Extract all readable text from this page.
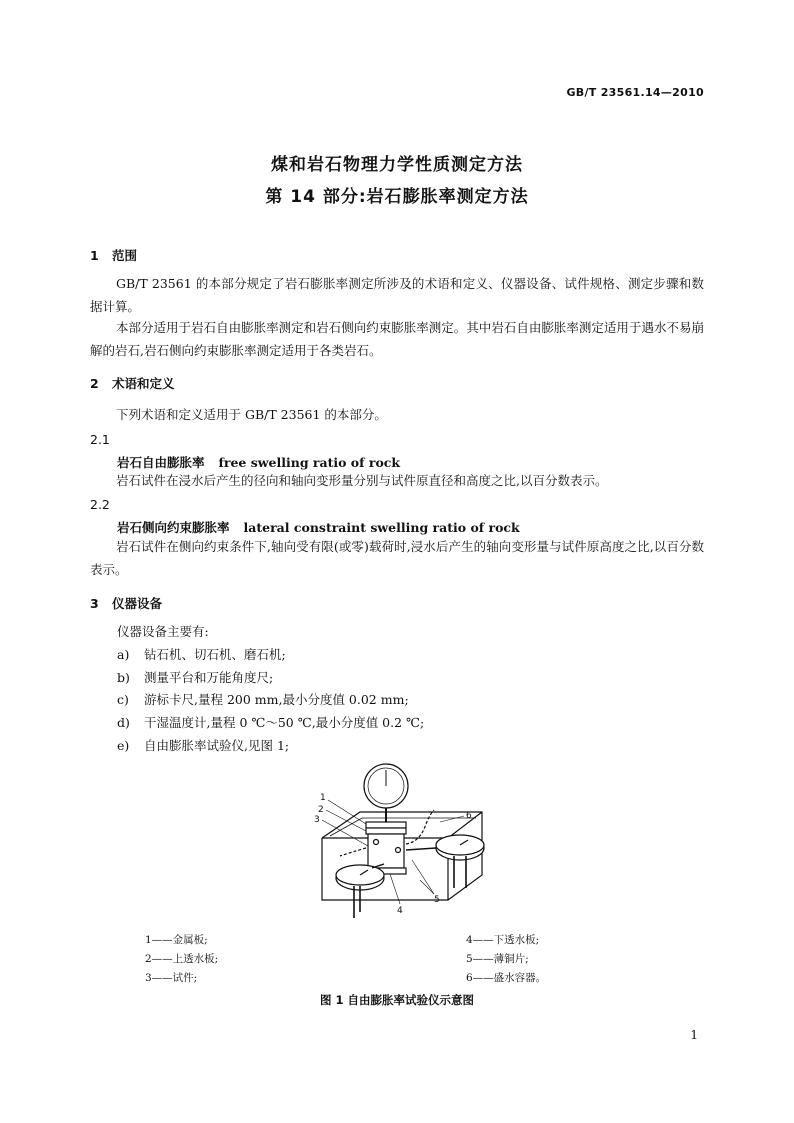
GB/T 23561.14—2010
煤和岩石物理力学性质测定方法
第 14 部分:岩石膨胀率测定方法
1 范围
GB/T 23561 的本部分规定了岩石膨胀率测定所涉及的术语和定义、仪器设备、试件规格、测定步骤和数据计算。
本部分适用于岩石自由膨胀率测定和岩石侧向约束膨胀率测定。其中岩石自由膨胀率测定适用于遇水不易崩解的岩石,岩石侧向约束膨胀率测定适用于各类岩石。
2 术语和定义
下列术语和定义适用于 GB/T 23561 的本部分。
2.1
岩石自由膨胀率 free swelling ratio of rock
岩石试件在浸水后产生的径向和轴向变形量分别与试件原直径和高度之比,以百分数表示。
2.2
岩石侧向约束膨胀率 lateral constraint swelling ratio of rock
岩石试件在侧向约束条件下,轴向受有限(或零)载荷时,浸水后产生的轴向变形量与试件原高度之比,以百分数表示。
3 仪器设备
仪器设备主要有:
a) 钻石机、切石机、磨石机;
b) 测量平台和万能角度尺;
c) 游标卡尺,量程 200 mm,最小分度值 0.02 mm;
d) 干湿温度计,量程 0 ℃～50 ℃,最小分度值 0.2 ℃;
e) 自由膨胀率试验仪,见图 1;
1
2
3
4
5
6
1——金属板;
2——上透水板;
3——试件;
4——下透水板;
5——薄铜片;
6——盛水容器。
图 1 自由膨胀率试验仪示意图
1
